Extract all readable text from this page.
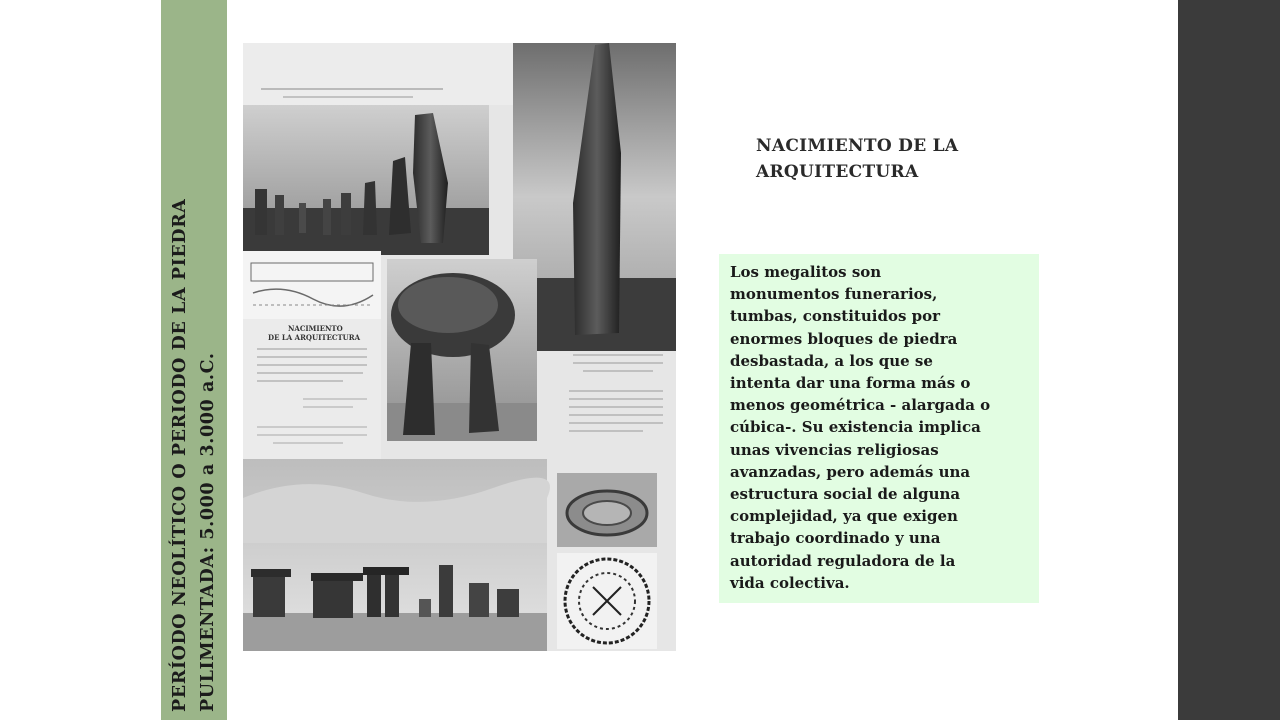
PERÍODO NEOLÍTICO O PERIODO DE LA PIEDRA PULIMENTADA: 5.000 a 3.000 a.C.
NACIMIENTO
DE LA ARQUITECTURA
NACIMIENTO DE LA
ARQUITECTURA

Los megalitos son
monumentos funerarios,
tumbas, constituidos por
enormes bloques de piedra
desbastada, a los que se
intenta dar una forma más o
menos geométrica - alargada o
cúbica-. Su existencia implica
unas vivencias religiosas
avanzadas, pero además una
estructura social de alguna
complejidad, ya que exigen
trabajo coordinado y una
autoridad reguladora de la
vida colectiva.
